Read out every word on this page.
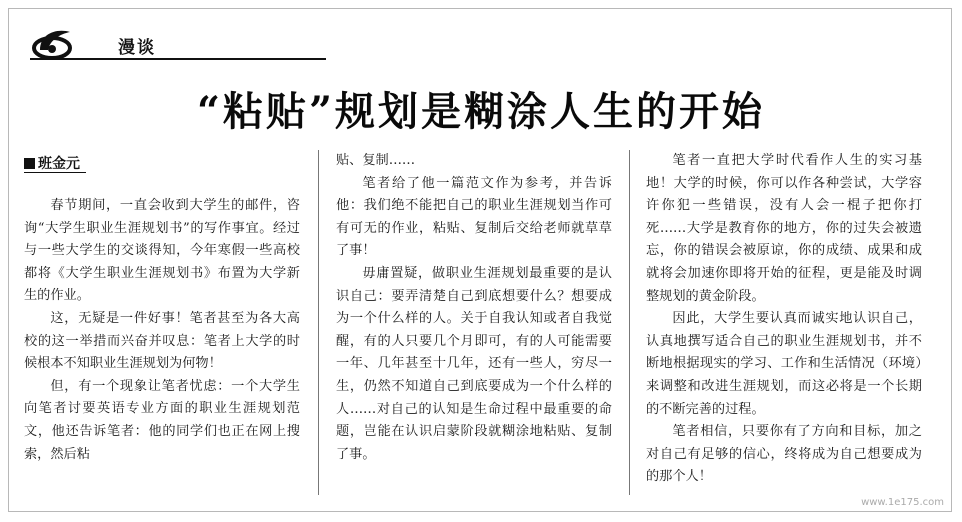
漫谈
“粘贴”规划是糊涂人生的开始
班金元

春节期间，一直会收到大学生的邮件，咨询“大学生职业生涯规划书”的写作事宜。经过与一些大学生的交谈得知，今年寒假一些高校都将《大学生职业生涯规划书》布置为大学新生的作业。

这，无疑是一件好事！笔者甚至为各大高校的这一举措而兴奋并叹息：笔者上大学的时候根本不知职业生涯规划为何物！

但，有一个现象让笔者忧虑：一个大学生向笔者讨要英语专业方面的职业生涯规划范文，他还告诉笔者：他的同学们也正在网上搜索，然后粘

贴、复制……

笔者给了他一篇范文作为参考，并告诉他：我们绝不能把自己的职业生涯规划当作可有可无的作业，粘贴、复制后交给老师就草草了事！

毋庸置疑，做职业生涯规划最重要的是认识自己：要弄清楚自己到底想要什么？想要成为一个什么样的人。关于自我认知或者自我觉醒，有的人只要几个月即可，有的人可能需要一年、几年甚至十几年，还有一些人，穷尽一生，仍然不知道自己到底要成为一个什么样的人……对自己的认知是生命过程中最重要的命题，岂能在认识启蒙阶段就糊涂地粘贴、复制了事。

笔者一直把大学时代看作人生的实习基地！大学的时候，你可以作各种尝试，大学容许你犯一些错误，没有人会一棍子把你打死……大学是教育你的地方，你的过失会被遗忘，你的错误会被原谅，你的成绩、成果和成就将会加速你即将开始的征程，更是能及时调整规划的黄金阶段。

因此，大学生要认真而诚实地认识自己，认真地撰写适合自己的职业生涯规划书，并不断地根据现实的学习、工作和生活情况（环境）来调整和改进生涯规划，而这必将是一个长期的不断完善的过程。

笔者相信，只要你有了方向和目标，加之对自己有足够的信心，终将成为自己想要成为的那个人！

www.1e175.com
